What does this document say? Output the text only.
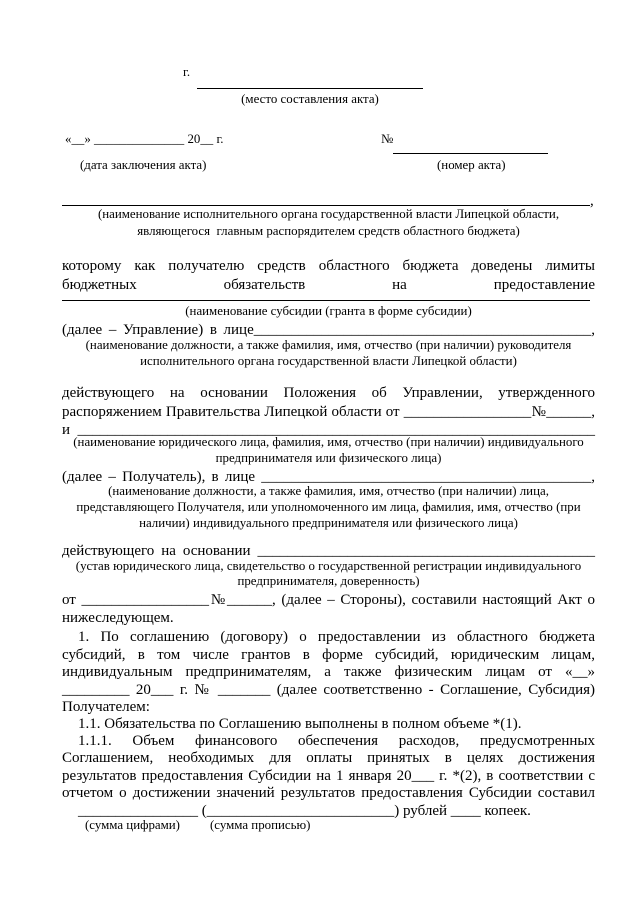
г.
(место составления акта)
«__» ______________ 20__ г.	№
(дата заключения акта)	(номер акта)
,
(наименование исполнительного органа государственной власти Липецкой области,
являющегося  главным распорядителем средств областного бюджета)
которому как получателю средств областного бюджета доведены лимиты
бюджетных обязательств на предоставление
(наименование субсидии (гранта в форме субсидии)
(далее – Управление) в лице_____________________________________________,
(наименование должности, а также фамилия, имя, отчество (при наличии) руководителя
исполнительного органа государственной власти Липецкой области)
действующего на основании Положения об Управлении, утвержденного
распоряжением Правительства Липецкой области от _________________№______,
и _____________________________________________________________________
(наименование юридического лица, фамилия, имя, отчество (при наличии) индивидуального
предпринимателя или физического лица)
(далее – Получатель), в лице ____________________________________________,
(наименование должности, а также фамилия, имя, отчество (при наличии) лица,
представляющего Получателя, или уполномоченного им лица, фамилия, имя, отчество (при
наличии) индивидуального предпринимателя или физического лица)
действующего на основании _____________________________________________
(устав юридического лица, свидетельство о государственной регистрации индивидуального
предпринимателя, доверенность)
от _________________№______, (далее – Стороны), составили настоящий Акт о
нижеследующем.
1. По соглашению (договору) о предоставлении из областного бюджета
субсидий, в том числе грантов в форме субсидий, юридическим лицам,
индивидуальным предпринимателям, а также физическим лицам от «__»
_________ 20___ г. № _______ (далее соответственно - Соглашение, Субсидия)
Получателем:
1.1. Обязательства по Соглашению выполнены в полном объеме *(1).
1.1.1. Объем финансового обеспечения расходов, предусмотренных
Соглашением, необходимых для оплаты принятых в целях достижения
результатов предоставления Субсидии на 1 января 20___ г. *(2), в соответствии с
отчетом о достижении значений результатов предоставления Субсидии составил
________________ (_________________________) рублей ____ копеек.
(сумма цифрами) (сумма прописью)
